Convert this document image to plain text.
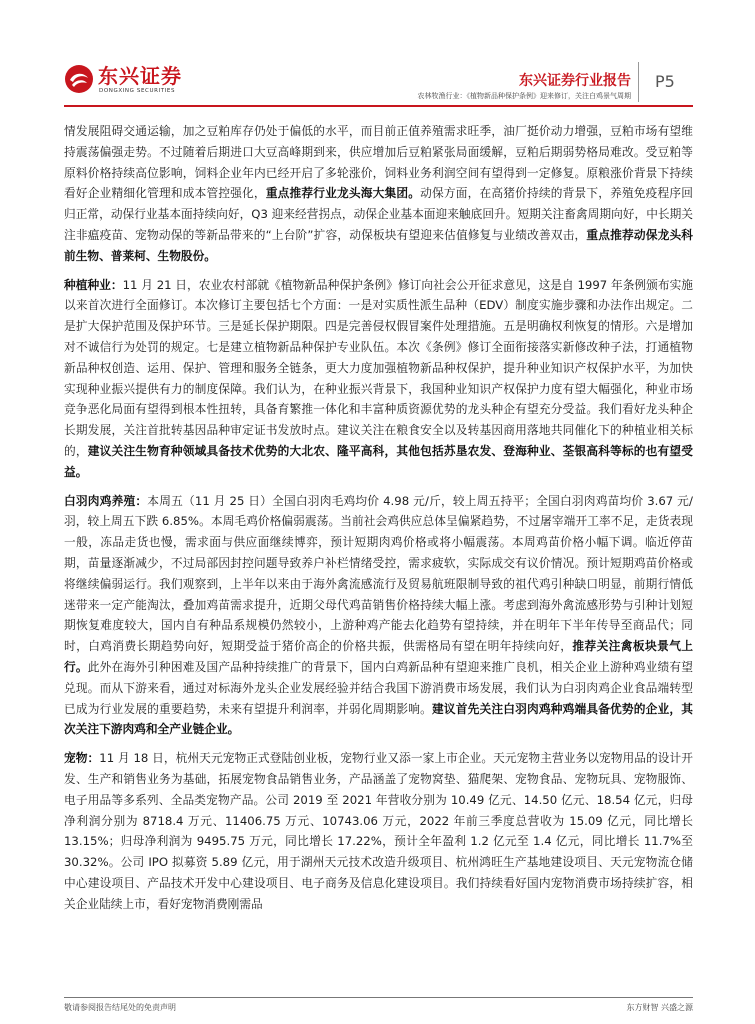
东兴证券
DONGXING SECURITIES
东兴证券行业报告
农林牧渔行业：《植物新品种保护条例》迎来修订，关注白鸡景气周期
P5

情发展阻碍交通运输，加之豆粕库存仍处于偏低的水平，而目前正值养殖需求旺季，油厂挺价动力增强，豆粕市场有望维持震荡偏强走势。不过随着后期进口大豆高峰期到来，供应增加后豆粕紧张局面缓解，豆粕后期弱势格局难改。受豆粕等原料价格持续高位影响，饲料企业年内已经开启了多轮涨价，饲料业务利润空间有望得到一定修复。原粮涨价背景下持续看好企业精细化管理和成本管控强化，重点推荐行业龙头海大集团。动保方面，在高猪价持续的背景下，养殖免疫程序回归正常，动保行业基本面持续向好，Q3 迎来经营拐点，动保企业基本面迎来触底回升。短期关注畜禽周期向好，中长期关注非瘟疫苗、宠物动保的等新品带来的“上台阶”扩容，动保板块有望迎来估值修复与业绩改善双击，重点推荐动保龙头科前生物、普莱柯、生物股份。

种植种业：11 月 21 日，农业农村部就《植物新品种保护条例》修订向社会公开征求意见，这是自 1997 年条例颁布实施以来首次进行全面修订。本次修订主要包括七个方面：一是对实质性派生品种（EDV）制度实施步骤和办法作出规定。二是扩大保护范围及保护环节。三是延长保护期限。四是完善侵权假冒案件处理措施。五是明确权利恢复的情形。六是增加对不诚信行为处罚的规定。七是建立植物新品种保护专业队伍。本次《条例》修订全面衔接落实新修改种子法，打通植物新品种权创造、运用、保护、管理和服务全链条，更大力度加强植物新品种权保护，提升种业知识产权保护水平，为加快实现种业振兴提供有力的制度保障。我们认为，在种业振兴背景下，我国种业知识产权保护力度有望大幅强化，种业市场竞争恶化局面有望得到根本性扭转，具备育繁推一体化和丰富种质资源优势的龙头种企有望充分受益。我们看好龙头种企长期发展，关注首批转基因品种审定证书发放时点。建议关注在粮食安全以及转基因商用落地共同催化下的种植业相关标的，建议关注生物育种领域具备技术优势的大北农、隆平高科，其他包括苏垦农发、登海种业、荃银高科等标的也有望受益。

白羽肉鸡养殖：本周五（11 月 25 日）全国白羽肉毛鸡均价 4.98 元/斤，较上周五持平；全国白羽肉鸡苗均价 3.67 元/羽，较上周五下跌 6.85%。本周毛鸡价格偏弱震荡。当前社会鸡供应总体呈偏紧趋势，不过屠宰端开工率不足，走货表现一般，冻品走货也慢，需求面与供应面继续博弈，预计短期肉鸡价格或将小幅震荡。本周鸡苗价格小幅下调。临近停苗期，苗量逐渐减少，不过局部因封控问题导致养户补栏情绪受控，需求疲软，实际成交有议价情况。预计短期鸡苗价格或将继续偏弱运行。我们观察到，上半年以来由于海外禽流感流行及贸易航班限制导致的祖代鸡引种缺口明显，前期行情低迷带来一定产能淘汰，叠加鸡苗需求提升，近期父母代鸡苗销售价格持续大幅上涨。考虑到海外禽流感形势与引种计划短期恢复难度较大，国内自有种品系规模仍然较小，上游种鸡产能去化趋势有望持续，并在明年下半年传导至商品代；同时，白鸡消费长期趋势向好，短期受益于猪价高企的价格共振，供需格局有望在明年持续向好，推荐关注禽板块景气上行。此外在海外引种困难及国产品种持续推广的背景下，国内白鸡新品种有望迎来推广良机，相关企业上游种鸡业绩有望兑现。而从下游来看，通过对标海外龙头企业发展经验并结合我国下游消费市场发展，我们认为白羽肉鸡企业食品端转型已成为行业发展的重要趋势，未来有望提升利润率，并弱化周期影响。建议首先关注白羽肉鸡种鸡端具备优势的企业，其次关注下游肉鸡和全产业链企业。

宠物：11 月 18 日，杭州天元宠物正式登陆创业板，宠物行业又添一家上市企业。天元宠物主营业务以宠物用品的设计开发、生产和销售业务为基础，拓展宠物食品销售业务，产品涵盖了宠物窝垫、猫爬架、宠物食品、宠物玩具、宠物服饰、电子用品等多系列、全品类宠物产品。公司 2019 至 2021 年营收分别为 10.49 亿元、14.50 亿元、18.54 亿元，归母净利润分别为 8718.4 万元、11406.75 万元、10743.06 万元，2022 年前三季度总营收为 15.09 亿元，同比增长 13.15%；归母净利润为 9495.75 万元，同比增长 17.22%，预计全年盈利 1.2 亿元至 1.4 亿元，同比增长 11.7%至 30.32%。公司 IPO 拟募资 5.89 亿元，用于湖州天元技术改造升级项目、杭州鸿旺生产基地建设项目、天元宠物流仓储中心建设项目、产品技术开发中心建设项目、电子商务及信息化建设项目。我们持续看好国内宠物消费市场持续扩容，相关企业陆续上市，看好宠物消费刚需品

敬请参阅报告结尾处的免责声明	东方财智 兴盛之源
